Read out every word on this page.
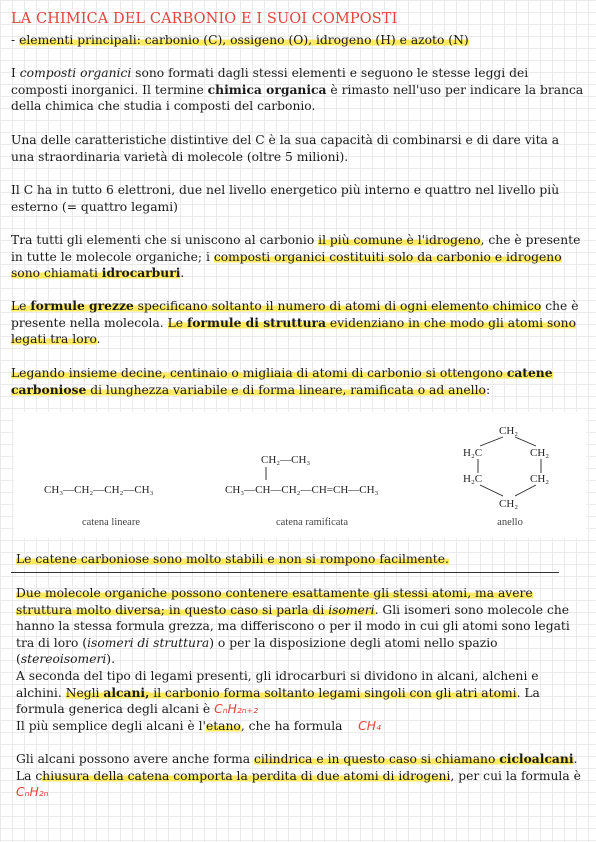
LA CHIMICA DEL CARBONIO E I SUOI COMPOSTI

- elementi principali: carbonio (C), ossigeno (O), idrogeno (H) e azoto (N)

I composti organici sono formati dagli stessi elementi e seguono le stesse leggi dei composti inorganici. Il termine chimica organica è rimasto nell'uso per indicare la branca della chimica che studia i composti del carbonio.

Una delle caratteristiche distintive del C è la sua capacità di combinarsi e di dare vita a una straordinaria varietà di molecole (oltre 5 milioni).

Il C ha in tutto 6 elettroni, due nel livello energetico più interno e quattro nel livello più esterno (= quattro legami)

Tra tutti gli elementi che si uniscono al carbonio il più comune è l'idrogeno, che è presente in tutte le molecole organiche; i composti organici costituiti solo da carbonio e idrogeno sono chiamati idrocarburi.

Le formule grezze specificano soltanto il numero di atomi di ogni elemento chimico che è presente nella molecola. Le formule di struttura evidenziano in che modo gli atomi sono legati tra loro.

Legando insieme decine, centinaio o migliaia di atomi di carbonio si ottengono catene carboniose di lunghezza variabile e di forma lineare, ramificata o ad anello:

CH₃—CH₂—CH₂—CH₃
catena lineare
CH₂—CH₃
CH₃—CH—CH₂—CH=CH—CH₃
catena ramificata
CH₂
H₂C	CH₂
H₂C	CH₂
CH₂
anello

Le catene carboniose sono molto stabili e non si rompono facilmente.

Due molecole organiche possono contenere esattamente gli stessi atomi, ma avere struttura molto diversa; in questo caso si parla di isomeri. Gli isomeri sono molecole che hanno la stessa formula grezza, ma differiscono o per il modo in cui gli atomi sono legati tra di loro (isomeri di struttura) o per la disposizione degli atomi nello spazio (stereoisomeri).

A seconda del tipo di legami presenti, gli idrocarburi si dividono in alcani, alcheni e alchini. Negli alcani, il carbonio forma soltanto legami singoli con gli atri atomi. La formula generica degli alcani è CₙH₂ₙ₊₂

Il più semplice degli alcani è l'etano, che ha formula    CH₄

Gli alcani possono avere anche forma cilindrica e in questo caso si chiamano cicloalcani. La chiusura della catena comporta la perdita di due atomi di idrogeni, per cui la formula è CₙH₂ₙ
